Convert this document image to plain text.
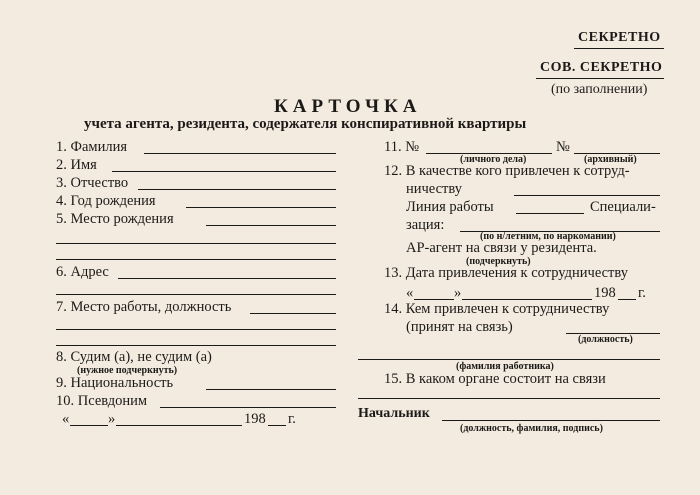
СЕКРЕТНО
СОВ. СЕКРЕТНО
(по заполнении)
КАРТОЧКА
учета агента, резидента, содержателя конспиративной квартиры
1. Фамилия
2. Имя
3. Отчество
4. Год рождения
5. Место рождения
6. Адрес
7. Место работы, должность
8. Судим (а), не судим (а)
(нужное подчеркнуть)
9. Национальность
10. Псевдоним
«	»	198 г.
11. №	№
(личного дела)	(архивный)
12. В качестве кого привлечен к сотруд-
ничеству
Линия работы	Специали-
зация:
(по н/летним, по наркомании)
АР-агент на связи у резидента.
(подчеркнуть)
13. Дата привлечения к сотрудничеству
«	»	198 г.
14. Кем привлечен к сотрудничеству
(принят на связь)
(должность)
(фамилия работника)
15. В каком органе состоит на связи
Начальник
(должность, фамилия, подпись)
